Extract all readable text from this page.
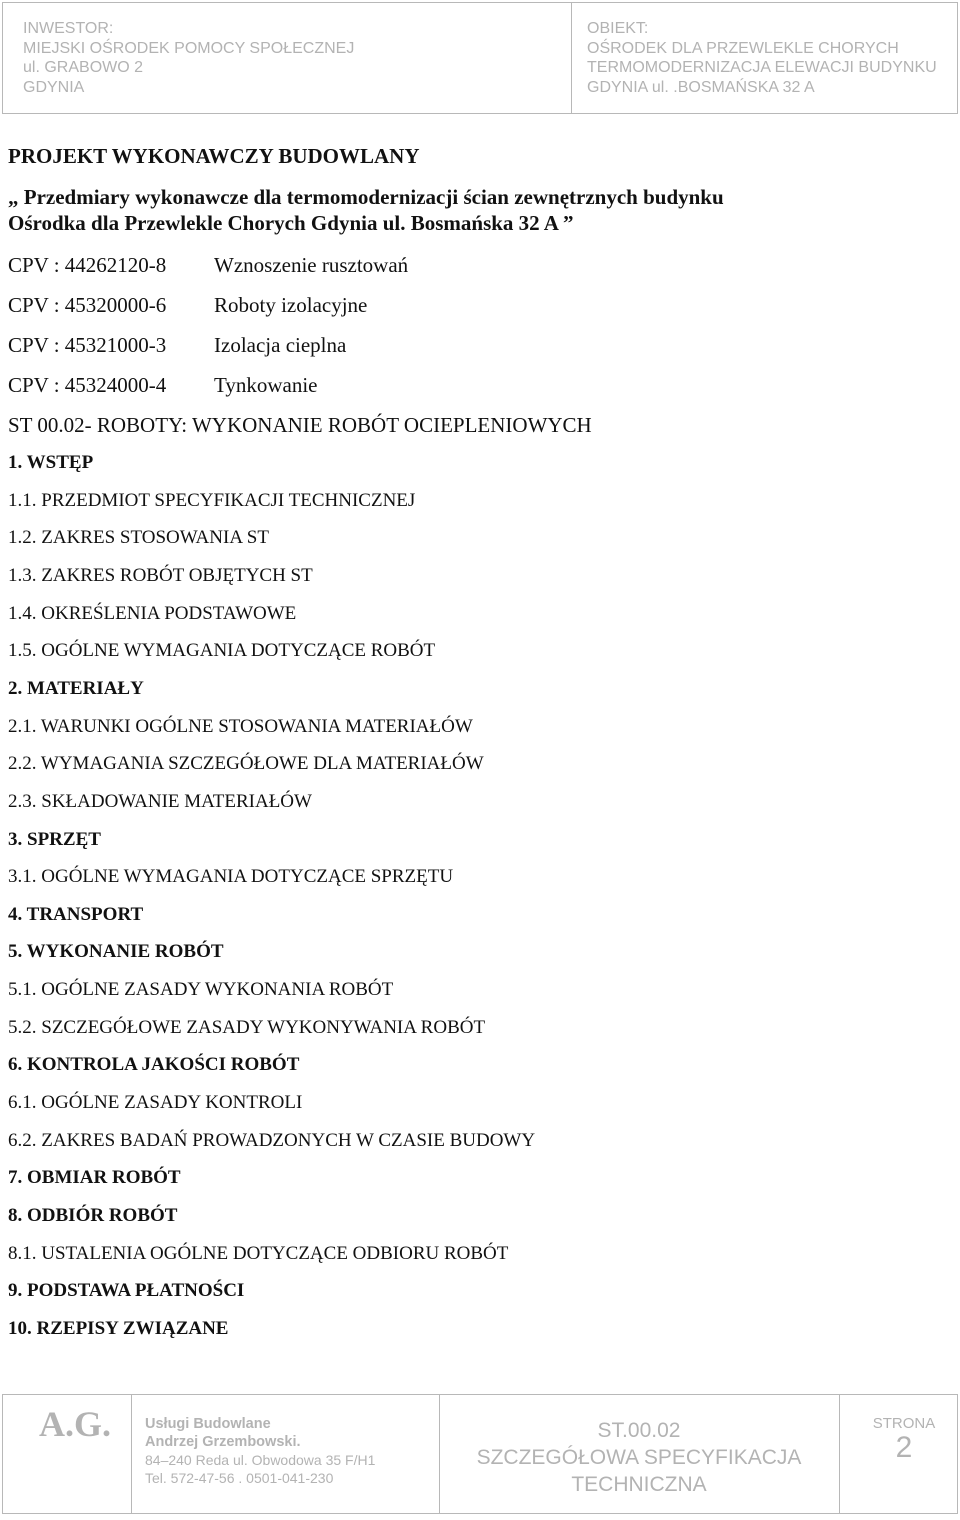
INWESTOR:
MIEJSKI OŚRODEK POMOCY SPOŁECZNEJ
ul. GRABOWO 2
GDYNIA
OBIEKT:
OŚRODEK DLA PRZEWLEKLE CHORYCH
TERMOMODERNIZACJA ELEWACJI BUDYNKU
GDYNIA ul. .BOSMAŃSKA 32 A
PROJEKT WYKONAWCZY BUDOWLANY
„ Przedmiary wykonawcze dla termomodernizacji ścian zewnętrznych budynku
Ośrodka dla Przewlekle Chorych Gdynia ul. Bosmańska 32 A ”
CPV : 44262120-8 Wznoszenie rusztowań
CPV : 45320000-6 Roboty izolacyjne
CPV : 45321000-3 Izolacja cieplna
CPV : 45324000-4 Tynkowanie
ST 00.02- ROBOTY: WYKONANIE ROBÓT OCIEPLENIOWYCH
1. WSTĘP
1.1. PRZEDMIOT SPECYFIKACJI TECHNICZNEJ
1.2. ZAKRES STOSOWANIA ST
1.3. ZAKRES ROBÓT OBJĘTYCH ST
1.4. OKREŚLENIA PODSTAWOWE
1.5. OGÓLNE WYMAGANIA DOTYCZĄCE ROBÓT
2. MATERIAŁY
2.1. WARUNKI OGÓLNE STOSOWANIA MATERIAŁÓW
2.2. WYMAGANIA SZCZEGÓŁOWE DLA MATERIAŁÓW
2.3. SKŁADOWANIE MATERIAŁÓW
3. SPRZĘT
3.1. OGÓLNE WYMAGANIA DOTYCZĄCE SPRZĘTU
4. TRANSPORT
5. WYKONANIE ROBÓT
5.1. OGÓLNE ZASADY WYKONANIA ROBÓT
5.2. SZCZEGÓŁOWE ZASADY WYKONYWANIA ROBÓT
6. KONTROLA JAKOŚCI ROBÓT
6.1. OGÓLNE ZASADY KONTROLI
6.2. ZAKRES BADAŃ PROWADZONYCH W CZASIE BUDOWY
7. OBMIAR ROBÓT
8. ODBIÓR ROBÓT
8.1. USTALENIA OGÓLNE DOTYCZĄCE ODBIORU ROBÓT
9. PODSTAWA PŁATNOŚCI
10. RZEPISY ZWIĄZANE
A.G. Usługi Budowlane
Andrzej Grzembowski.
84–240 Reda ul. Obwodowa 35 F/H1
Tel. 572-47-56 . 0501-041-230
ST.00.02
SZCZEGÓŁOWA SPECYFIKACJA
TECHNICZNA
STRONA
2
